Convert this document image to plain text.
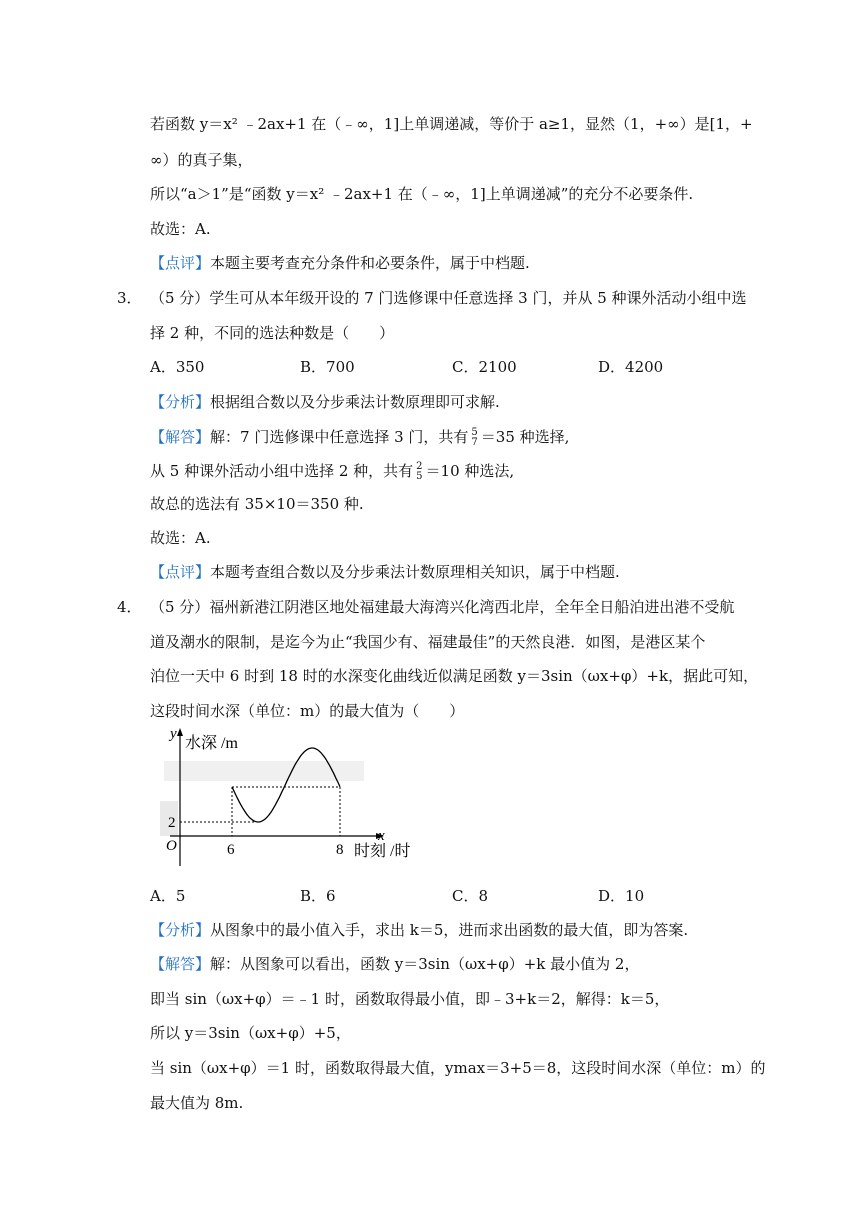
若函数 y＝x² ﹣2ax+1 在（﹣∞，1]上单调递减，等价于 a≥1，显然（1，+∞）是[1，+
∞）的真子集，
所以“a＞1”是“函数 y＝x² ﹣2ax+1 在（﹣∞，1]上单调递减”的充分不必要条件.
故选：A.
【点评】本题主要考查充分条件和必要条件，属于中档题.
3． （5 分）学生可从本年级开设的 7 门选修课中任意选择 3 门，并从 5 种课外活动小组中选
择 2 种，不同的选法种数是（　　）
A．350	B．700	C．2100	D．4200
【分析】根据组合数以及分步乘法计数原理即可求解.
【解答】解：7 门选修课中任意选择 3 门，共有 5
7 ＝35 种选择,
从 5 种课外活动小组中选择 2 种，共有 2
5 ＝10 种选法,
故总的选法有 35×10＝350 种.
故选：A.
【点评】本题考查组合数以及分步乘法计数原理相关知识，属于中档题.
4． （5 分）福州新港江阴港区地处福建最大海湾兴化湾西北岸，全年全日船泊进出港不受航
道及潮水的限制，是迄今为止“我国少有、福建最佳”的天然良港．如图，是港区某个
泊位一天中 6 时到 18 时的水深变化曲线近似满足函数 y＝3sin（ωx+φ）+k，据此可知，
这段时间水深（单位：m）的最大值为（　　）
y
水深 /m
x
时刻 /时
O	6	8
2
A．5	B．6	C．8	D．10
【分析】从图象中的最小值入手，求出 k＝5，进而求出函数的最大值，即为答案.
【解答】解：从图象可以看出，函数 y＝3sin（ωx+φ）+k 最小值为 2，
即当 sin（ωx+φ）＝﹣1 时，函数取得最小值，即﹣3+k＝2，解得：k＝5，
所以 y＝3sin（ωx+φ）+5，
当 sin（ωx+φ）＝1 时，函数取得最大值，ymax＝3+5＝8，这段时间水深（单位：m）的
最大值为 8m.
